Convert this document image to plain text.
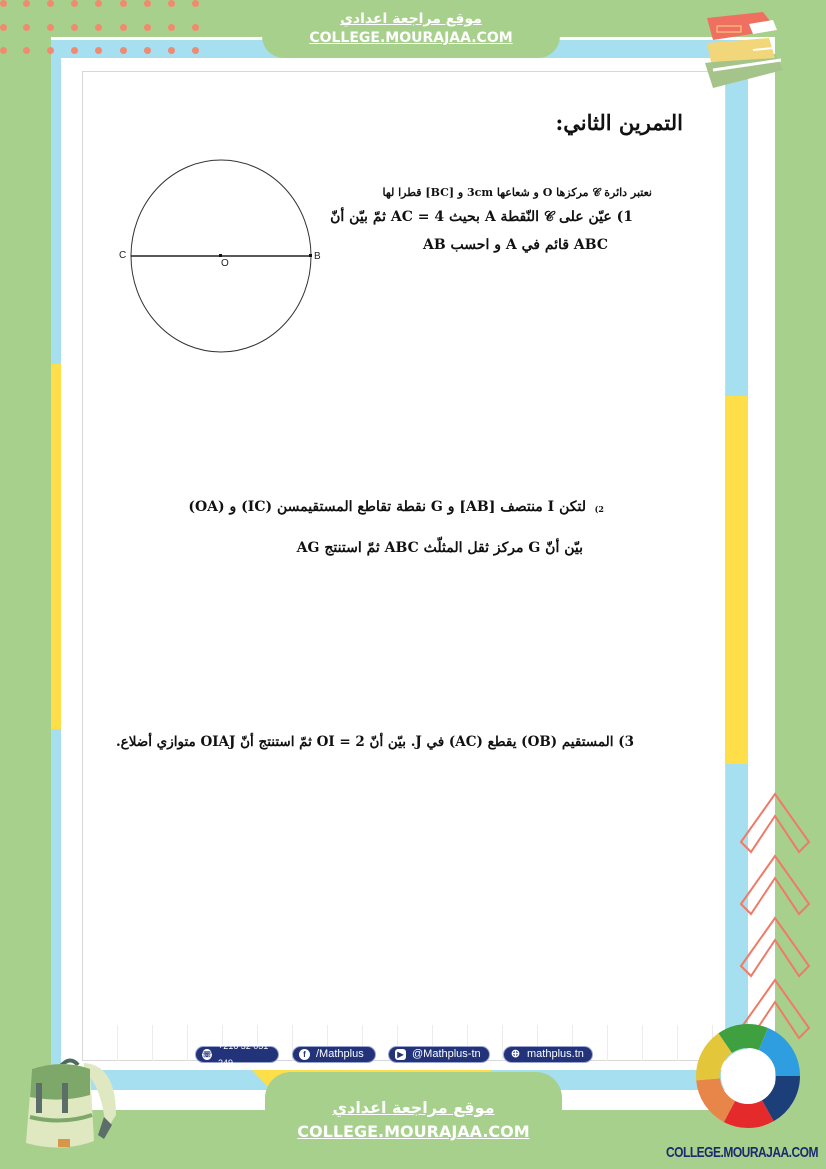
التمرين الثاني:
نعتبر دائرة 𝒞 مركزها O و شعاعها 3cm و [BC] قطرا لها
1) عيّن على 𝒞 النّقطة A بحيث AC = 4 ثمّ بيّن أنّ
ABC قائم في A و احسب AB
2)
لتكن I منتصف [AB] و G نقطة تقاطع المستقيمسن (IC) و (OA)
بيّن أنّ G مركز ثقل المثلّث ABC ثمّ استنتج AG
3) المستقيم (OB) يقطع (AC) في J. بيّن أنّ OI = 2 ثمّ استنتج أنّ OIAJ متوازي أضلاع.
C
O
B
☏
+216 52 051 249
f /Mathplus	▶ @Mathplus-tn	⊕ mathplus.tn
موقع مراجعة اعدادي
COLLEGE.MOURAJAA.COM
موقع مراجعة اعدادي
COLLEGE.MOURAJAA.COM
COLLEGE.MOURAJAA.COM
